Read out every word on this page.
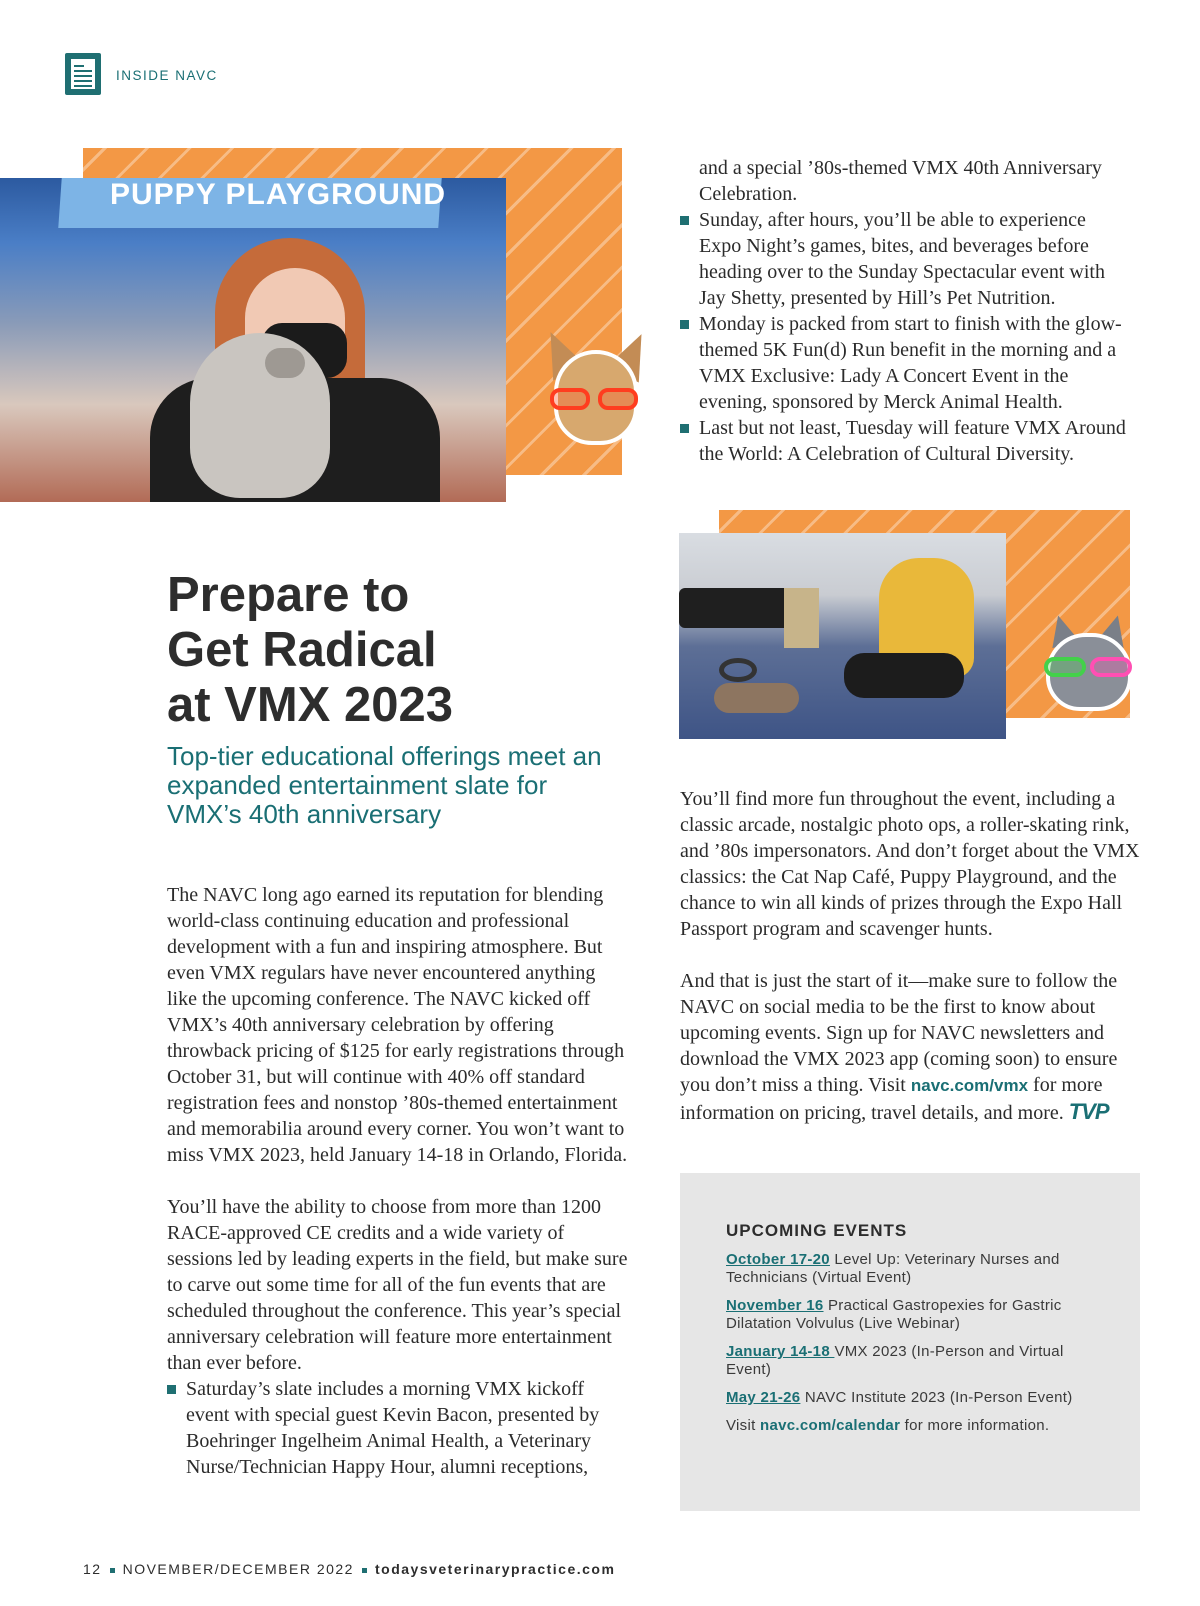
INSIDE NAVC
PUPPY PLAYGROUND
and a special ’80s-themed VMX 40th Anniversary Celebration.
Sunday, after hours, you’ll be able to experience Expo Night’s games, bites, and beverages before heading over to the Sunday Spectacular event with Jay Shetty, presented by Hill’s Pet Nutrition.
Monday is packed from start to finish with the glow-themed 5K Fun(d) Run benefit in the morning and a VMX Exclusive: Lady A Concert Event in the evening, sponsored by Merck Animal Health.
Last but not least, Tuesday will feature VMX Around the World: A Celebration of Cultural Diversity.
Prepare to
Get Radical
at VMX 2023
Top-tier educational offerings meet an expanded entertainment slate for VMX’s 40th anniversary

The NAVC long ago earned its reputation for blending world-class continuing education and professional development with a fun and inspiring atmosphere. But even VMX regulars have never encountered anything like the upcoming conference. The NAVC kicked off VMX’s 40th anniversary celebration by offering throwback pricing of $125 for early registrations through October 31, but will continue with 40% off standard registration fees and nonstop ’80s-themed entertainment and memorabilia around every corner. You won’t want to miss VMX 2023, held January 14-18 in Orlando, Florida.

You’ll have the ability to choose from more than 1200 RACE-approved CE credits and a wide variety of sessions led by leading experts in the field, but make sure to carve out some time for all of the fun events that are scheduled throughout the conference. This year’s special anniversary celebration will feature more entertainment than ever before.

Saturday’s slate includes a morning VMX kickoff event with special guest Kevin Bacon, presented by Boehringer Ingelheim Animal Health, a Veterinary Nurse/Technician Happy Hour, alumni receptions,

You’ll find more fun throughout the event, including a classic arcade, nostalgic photo ops, a roller-skating rink, and ’80s impersonators. And don’t forget about the VMX classics: the Cat Nap Café, Puppy Playground, and the chance to win all kinds of prizes through the Expo Hall Passport program and scavenger hunts.

And that is just the start of it—make sure to follow the NAVC on social media to be the first to know about upcoming events. Sign up for NAVC newsletters and download the VMX 2023 app (coming soon) to ensure you don’t miss a thing. Visit navc.com/vmx for more information on pricing, travel details, and more. TVP

UPCOMING EVENTS
October 17-20 Level Up: Veterinary Nurses and Technicians (Virtual Event)
November 16 Practical Gastropexies for Gastric Dilatation Volvulus (Live Webinar)
January 14-18 VMX 2023 (In-Person and Virtual Event)
May 21-26 NAVC Institute 2023 (In-Person Event)
Visit navc.com/calendar for more information.
12 NOVEMBER/DECEMBER 2022 todaysveterinarypractice.com
